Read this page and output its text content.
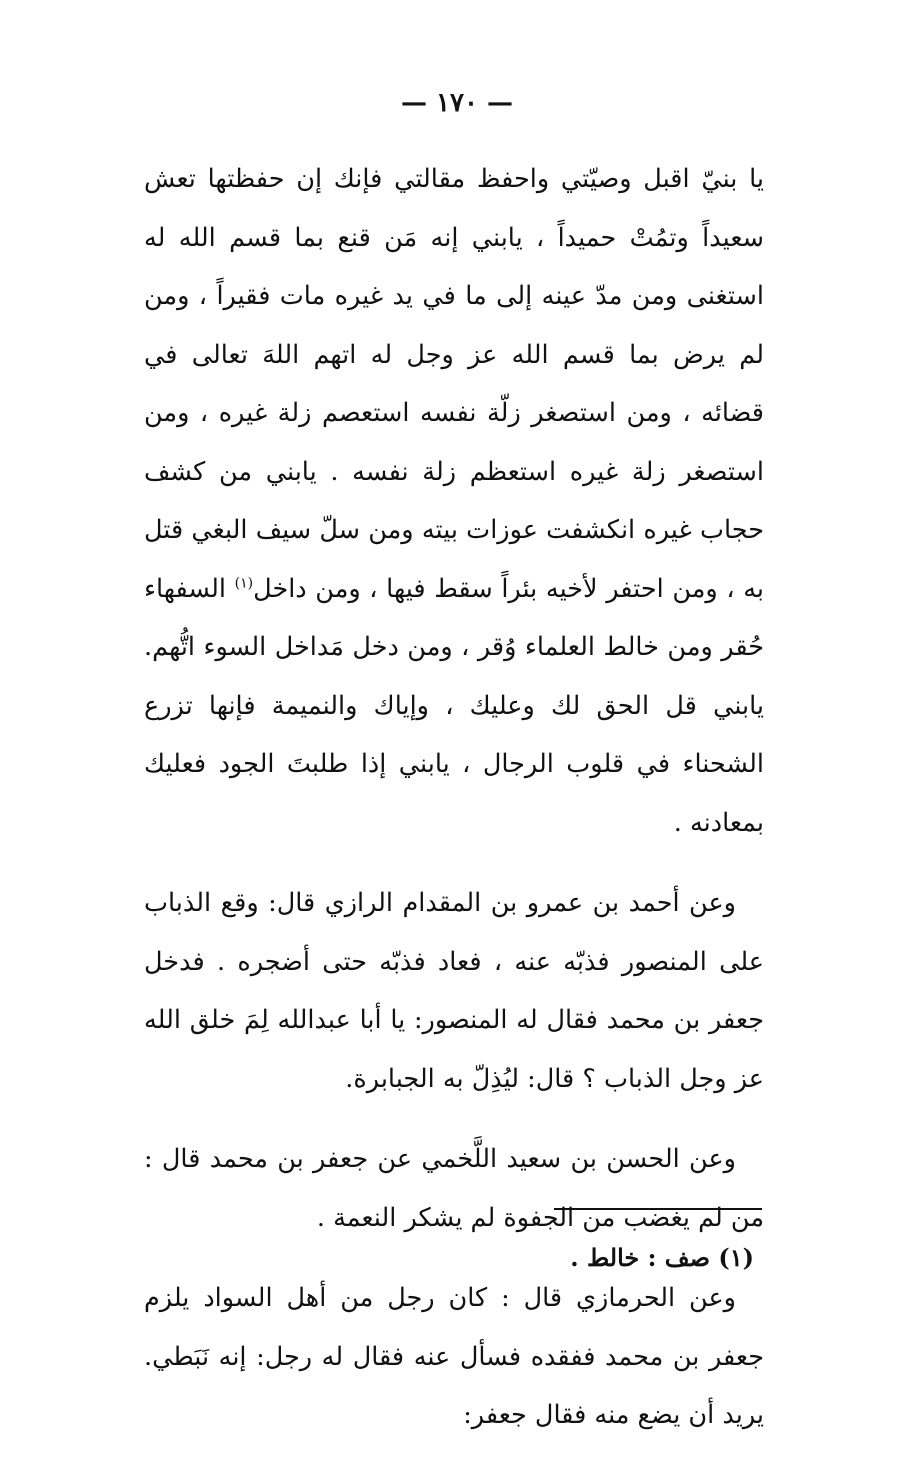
— ١٧٠ —

يا بنيّ اقبل وصيّتي واحفظ مقالتي فإنك إن حفظتها تعش سعيداً وتمُتْ حميداً ، يابني إنه مَن قنع بما قسم الله له استغنى ومن مدّ عينه إلى ما في يد غيره مات فقيراً ، ومن لم يرض بما قسم الله عز وجل له اتهم اللهَ تعالى في قضائه ، ومن استصغر زلّة نفسه استعصم زلة غيره ، ومن استصغر زلة غيره استعظم زلة نفسه . يابني من كشف حجاب غيره انكشفت عوزات بيته ومن سلّ سيف البغي قتل به ، ومن احتفر لأخيه بئراً سقط فيها ، ومن داخل$^{(١)}$ السفهاء حُقر ومن خالط العلماء وُقر ، ومن دخل مَداخل السوء اتُّهم. يابني قل الحق لك وعليك ، وإياك والنميمة فإنها تزرع الشحناء في قلوب الرجال ، يابني إذا طلبتَ الجود فعليك بمعادنه .

وعن أحمد بن عمرو بن المقدام الرازي قال: وقع الذباب على المنصور فذبّه عنه ، فعاد فذبّه حتى أضجره . فدخل جعفر بن محمد فقال له المنصور: يا أبا عبدالله لِمَ خلق الله عز وجل الذباب ؟ قال: ليُذِلّ به الجبابرة.

وعن الحسن بن سعيد اللَّخمي عن جعفر بن محمد قال : من لم يغضب من الجفوة لم يشكر النعمة .

وعن الحرمازي قال : كان رجل من أهل السواد يلزم جعفر بن محمد ففقده فسأل عنه فقال له رجل: إنه نَبَطي. يريد أن يضع منه فقال جعفر:

(١) صف : خالط .
